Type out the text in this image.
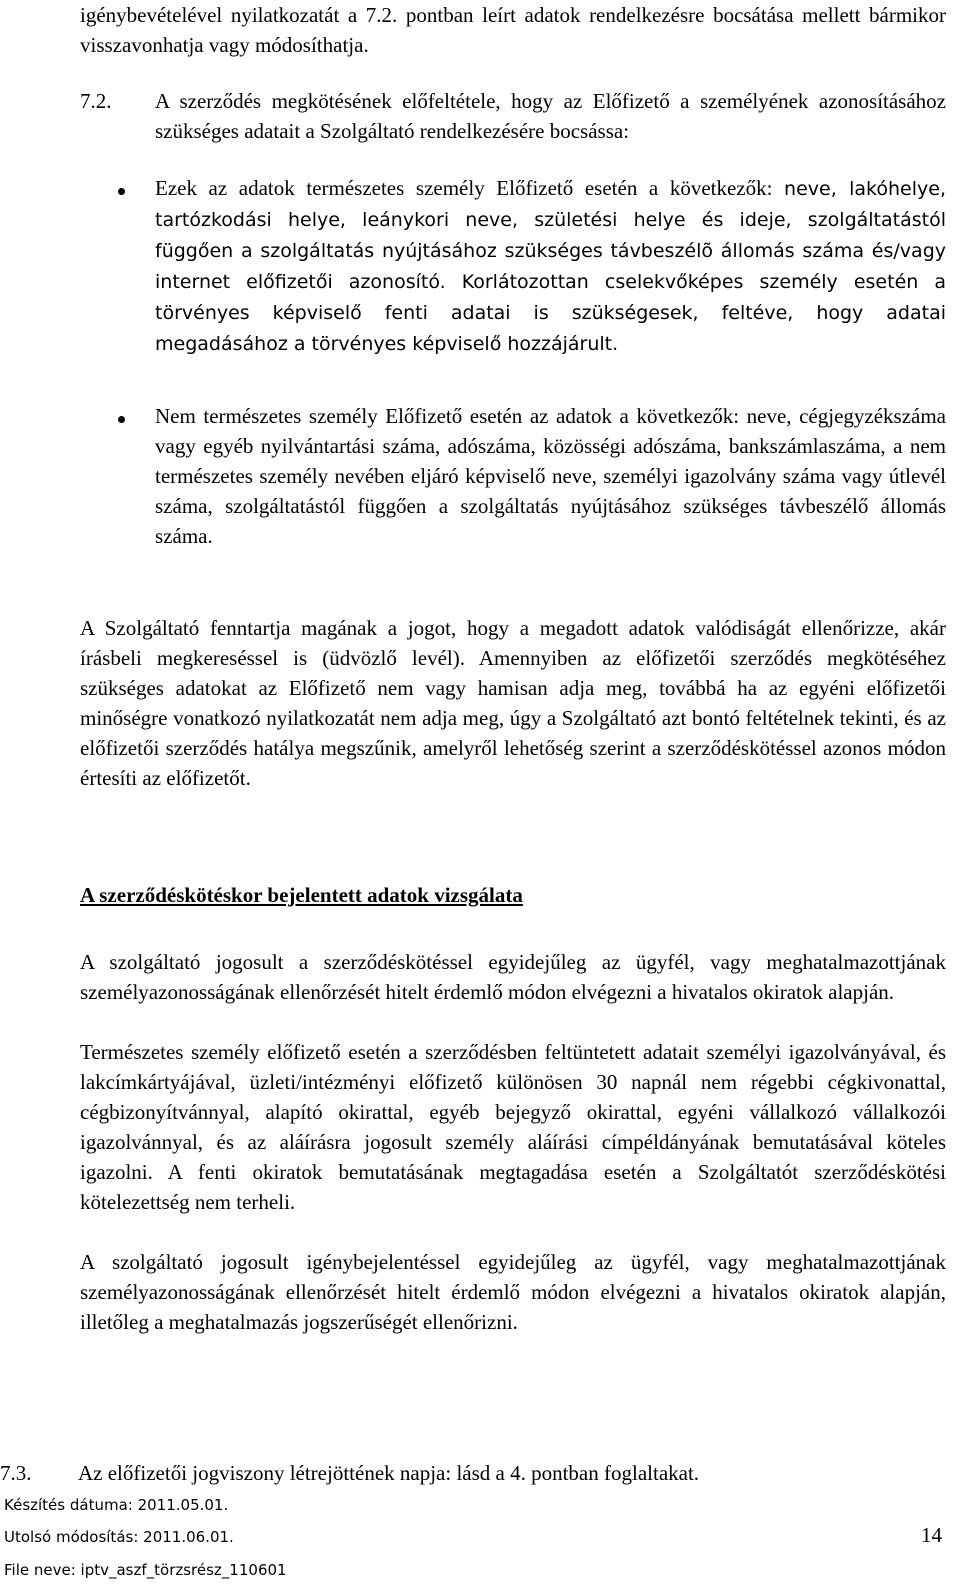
igénybevételével nyilatkozatát a 7.2. pontban leírt adatok rendelkezésre bocsátása mellett bármikor visszavonhatja vagy módosíthatja.

7.2. A szerződés megkötésének előfeltétele, hogy az Előfizető a személyének azonosításához szükséges adatait a Szolgáltató rendelkezésére bocsássa:

Ezek az adatok természetes személy Előfizető esetén a következők: neve, lakóhelye, tartózkodási helye, leánykori neve, születési helye és ideje, szolgáltatástól függően a szolgáltatás nyújtásához szükséges távbeszélõ állomás száma és/vagy internet előfizetői azonosító. Korlátozottan cselekvőképes személy esetén a törvényes képviselő fenti adatai is szükségesek, feltéve, hogy adatai megadásához a törvényes képviselő hozzájárult.

Nem természetes személy Előfizető esetén az adatok a következők: neve, cégjegyzékszáma vagy egyéb nyilvántartási száma, adószáma, közösségi adószáma, bankszámlaszáma, a nem természetes személy nevében eljáró képviselő neve, személyi igazolvány száma vagy útlevél száma, szolgáltatástól függően a szolgáltatás nyújtásához szükséges távbeszélő állomás száma.

A Szolgáltató fenntartja magának a jogot, hogy a megadott adatok valódiságát ellenőrizze, akár írásbeli megkereséssel is (üdvözlő levél). Amennyiben az előfizetői szerződés megkötéséhez szükséges adatokat az Előfizető nem vagy hamisan adja meg, továbbá ha az egyéni előfizetői minőségre vonatkozó nyilatkozatát nem adja meg, úgy a Szolgáltató azt bontó feltételnek tekinti, és az előfizetői szerződés hatálya megszűnik, amelyről lehetőség szerint a szerződéskötéssel azonos módon értesíti az előfizetőt.

A szerződéskötéskor bejelentett adatok vizsgálata

A szolgáltató jogosult a szerződéskötéssel egyidejűleg az ügyfél, vagy meghatalmazottjának személyazonosságának ellenőrzését hitelt érdemlő módon elvégezni a hivatalos okiratok alapján.

Természetes személy előfizető esetén a szerződésben feltüntetett adatait személyi igazolványával, és lakcímkártyájával, üzleti/intézményi előfizető különösen 30 napnál nem régebbi cégkivonattal, cégbizonyítvánnyal, alapító okirattal, egyéb bejegyző okirattal, egyéni vállalkozó vállalkozói igazolvánnyal, és az aláírásra jogosult személy aláírási címpéldányának bemutatásával köteles igazolni. A fenti okiratok bemutatásának megtagadása esetén a Szolgáltatót szerződéskötési kötelezettség nem terheli.

A szolgáltató jogosult igénybejelentéssel egyidejűleg az ügyfél, vagy meghatalmazottjának személyazonosságának ellenőrzését hitelt érdemlő módon elvégezni a hivatalos okiratok alapján, illetőleg a meghatalmazás jogszerűségét ellenőrizni.

7.3. Az előfizetői jogviszony létrejöttének napja: lásd a 4. pontban foglaltakat.
Készítés dátuma: 2011.05.01.
Utolsó módosítás: 2011.06.01.
File neve: iptv_aszf_törzsrész_110601
14
